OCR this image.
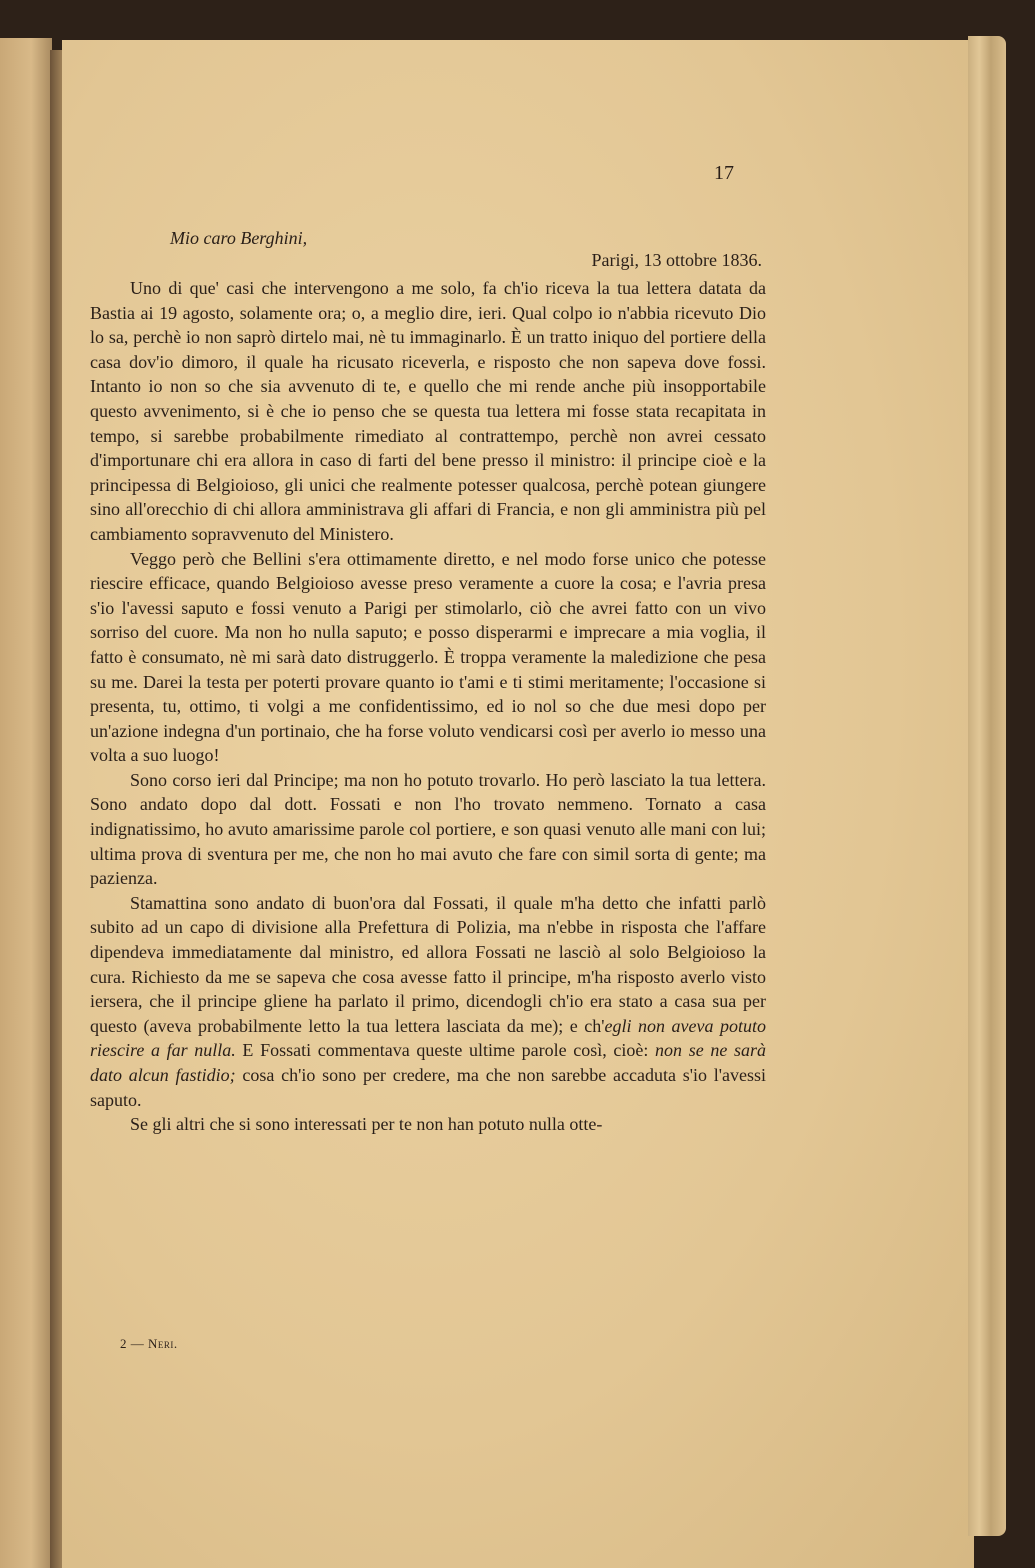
17
Mio caro Berghini,
Parigi, 13 ottobre 1836.

Uno di que' casi che intervengono a me solo, fa ch'io riceva la tua lettera datata da Bastia ai 19 agosto, solamente ora; o, a meglio dire, ieri. Qual colpo io n'abbia ricevuto Dio lo sa, perchè io non saprò dirtelo mai, nè tu immaginarlo. È un tratto iniquo del portiere della casa dov'io dimoro, il quale ha ricusato riceverla, e risposto che non sapeva dove fossi. Intanto io non so che sia avvenuto di te, e quello che mi rende anche più insopportabile questo avvenimento, si è che io penso che se questa tua lettera mi fosse stata recapitata in tempo, si sarebbe probabilmente rimediato al contrattempo, perchè non avrei cessato d'importunare chi era allora in caso di farti del bene presso il ministro: il principe cioè e la principessa di Belgioioso, gli unici che realmente potesser qualcosa, perchè potean giungere sino all'orecchio di chi allora amministrava gli affari di Francia, e non gli amministra più pel cambiamento sopravvenuto del Ministero.

Veggo però che Bellini s'era ottimamente diretto, e nel modo forse unico che potesse riescire efficace, quando Belgioioso avesse preso veramente a cuore la cosa; e l'avria presa s'io l'avessi saputo e fossi venuto a Parigi per stimolarlo, ciò che avrei fatto con un vivo sorriso del cuore. Ma non ho nulla saputo; e posso disperarmi e imprecare a mia voglia, il fatto è consumato, nè mi sarà dato distruggerlo. È troppa veramente la maledizione che pesa su me. Darei la testa per poterti provare quanto io t'ami e ti stimi meritamente; l'occasione si presenta, tu, ottimo, ti volgi a me confidentissimo, ed io nol so che due mesi dopo per un'azione indegna d'un portinaio, che ha forse voluto vendicarsi così per averlo io messo una volta a suo luogo!

Sono corso ieri dal Principe; ma non ho potuto trovarlo. Ho però lasciato la tua lettera. Sono andato dopo dal dott. Fossati e non l'ho trovato nemmeno. Tornato a casa indignatissimo, ho avuto amarissime parole col portiere, e son quasi venuto alle mani con lui; ultima prova di sventura per me, che non ho mai avuto che fare con simil sorta di gente; ma pazienza.

Stamattina sono andato di buon'ora dal Fossati, il quale m'ha detto che infatti parlò subito ad un capo di divisione alla Prefettura di Polizia, ma n'ebbe in risposta che l'affare dipendeva immediatamente dal ministro, ed allora Fossati ne lasciò al solo Belgioioso la cura. Richiesto da me se sapeva che cosa avesse fatto il principe, m'ha risposto averlo visto iersera, che il principe gliene ha parlato il primo, dicendogli ch'io era stato a casa sua per questo (aveva probabilmente letto la tua lettera lasciata da me); e ch'egli non aveva potuto riescire a far nulla. E Fossati commentava queste ultime parole così, cioè: non se ne sarà dato alcun fastidio; cosa ch'io sono per credere, ma che non sarebbe accaduta s'io l'avessi saputo.

Se gli altri che si sono interessati per te non han potuto nulla otte-

2 — Neri.
